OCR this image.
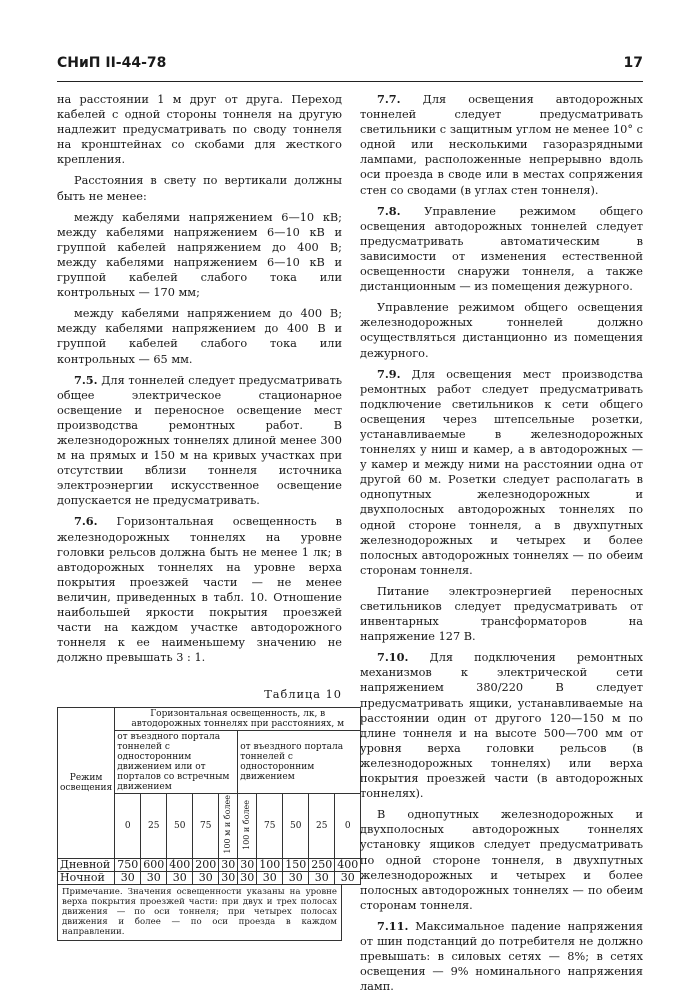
СНиП II-44-78	17

на расстоянии 1 м друг от друга. Переход кабелей с одной стороны тоннеля на другую надлежит предусматривать по своду тоннеля на кронштейнах со скобами для жесткого крепления.

Расстояния в свету по вертикали должны быть не менее:

между кабелями напряжением 6—10 кВ; между кабелями напряжением 6—10 кВ и группой кабелей напряжением до 400 В; между кабелями напряжением 6—10 кВ и группой кабелей слабого тока или контрольных — 170 мм;

между кабелями напряжением до 400 В; между кабелями напряжением до 400 В и группой кабелей слабого тока или контрольных — 65 мм.

7.5. Для тоннелей следует предусматривать общее электрическое стационарное освещение и переносное освещение мест производства ремонтных работ. В железнодорожных тоннелях длиной менее 300 м на прямых и 150 м на кривых участках при отсутствии вблизи тоннеля источника электроэнергии искусственное освещение допускается не предусматривать.

7.6. Горизонтальная освещенность в железнодорожных тоннелях на уровне головки рельсов должна быть не менее 1 лк; в автодорожных тоннелях на уровне верха покрытия проезжей части — не менее величин, приведенных в табл. 10. Отношение наибольшей яркости покрытия проезжей части на каждом участке автодорожного тоннеля к ее наименьшему значению не должно превышать 3 : 1.

Таблица 10
Режим освещения	Горизонтальная освещенность, лк, в автодорожных тоннелях при расстояниях, м									
	от въездного портала тоннелей с односторонним движением или от порталов со встречным движением					от въездного портала тоннелей с односторонним движением				
	0	25	50	75	100 м и более	100 и более	75	50	25	0
Дневной	750	600	400	200	30	30	100	150	250	400
Ночной	30	30	30	30	30	30	30	30	30	30
Примечание. Значения освещенности указаны на уровне верха покрытия проезжей части: при двух и трех полосах движения — по оси тоннеля; при четырех полосах движения и более — по оси проезда в каждом направлении.

7.7. Для освещения автодорожных тоннелей следует предусматривать светильники с защитным углом не менее 10° с одной или несколькими газоразрядными лампами, расположенные непрерывно вдоль оси проезда в своде или в местах сопряжения стен со сводами (в углах стен тоннеля).

7.8. Управление режимом общего освещения автодорожных тоннелей следует предусматривать автоматическим в зависимости от изменения естественной освещенности снаружи тоннеля, а также дистанционным — из помещения дежурного.

Управление режимом общего освещения железнодорожных тоннелей должно осуществляться дистанционно из помещения дежурного.

7.9. Для освещения мест производства ремонтных работ следует предусматривать подключение светильников к сети общего освещения через штепсельные розетки, устанавливаемые в железнодорожных тоннелях у ниш и камер, а в автодорожных — у камер и между ними на расстоянии одна от другой 60 м. Розетки следует располагать в однопутных железнодорожных и двухполосных автодорожных тоннелях по одной стороне тоннеля, а в двухпутных железнодорожных и четырех и более полосных автодорожных тоннелях — по обеим сторонам тоннеля.

Питание электроэнергией переносных светильников следует предусматривать от инвентарных трансформаторов на напряжение 127 В.

7.10. Для подключения ремонтных механизмов к электрической сети напряжением 380/220 В следует предусматривать ящики, устанавливаемые на расстоянии один от другого 120—150 м по длине тоннеля и на высоте 500—700 мм от уровня верха головки рельсов (в железнодорожных тоннелях) или верха покрытия проезжей части (в автодорожных тоннелях).

В однопутных железнодорожных и двухполосных автодорожных тоннелях установку ящиков следует предусматривать по одной стороне тоннеля, в двухпутных железнодорожных и четырех и более полосных автодорожных тоннелях — по обеим сторонам тоннеля.

7.11. Максимальное падение напряжения от шин подстанций до потребителя не должно превышать: в силовых сетях — 8%; в сетях освещения — 9% номинального напряжения ламп.
